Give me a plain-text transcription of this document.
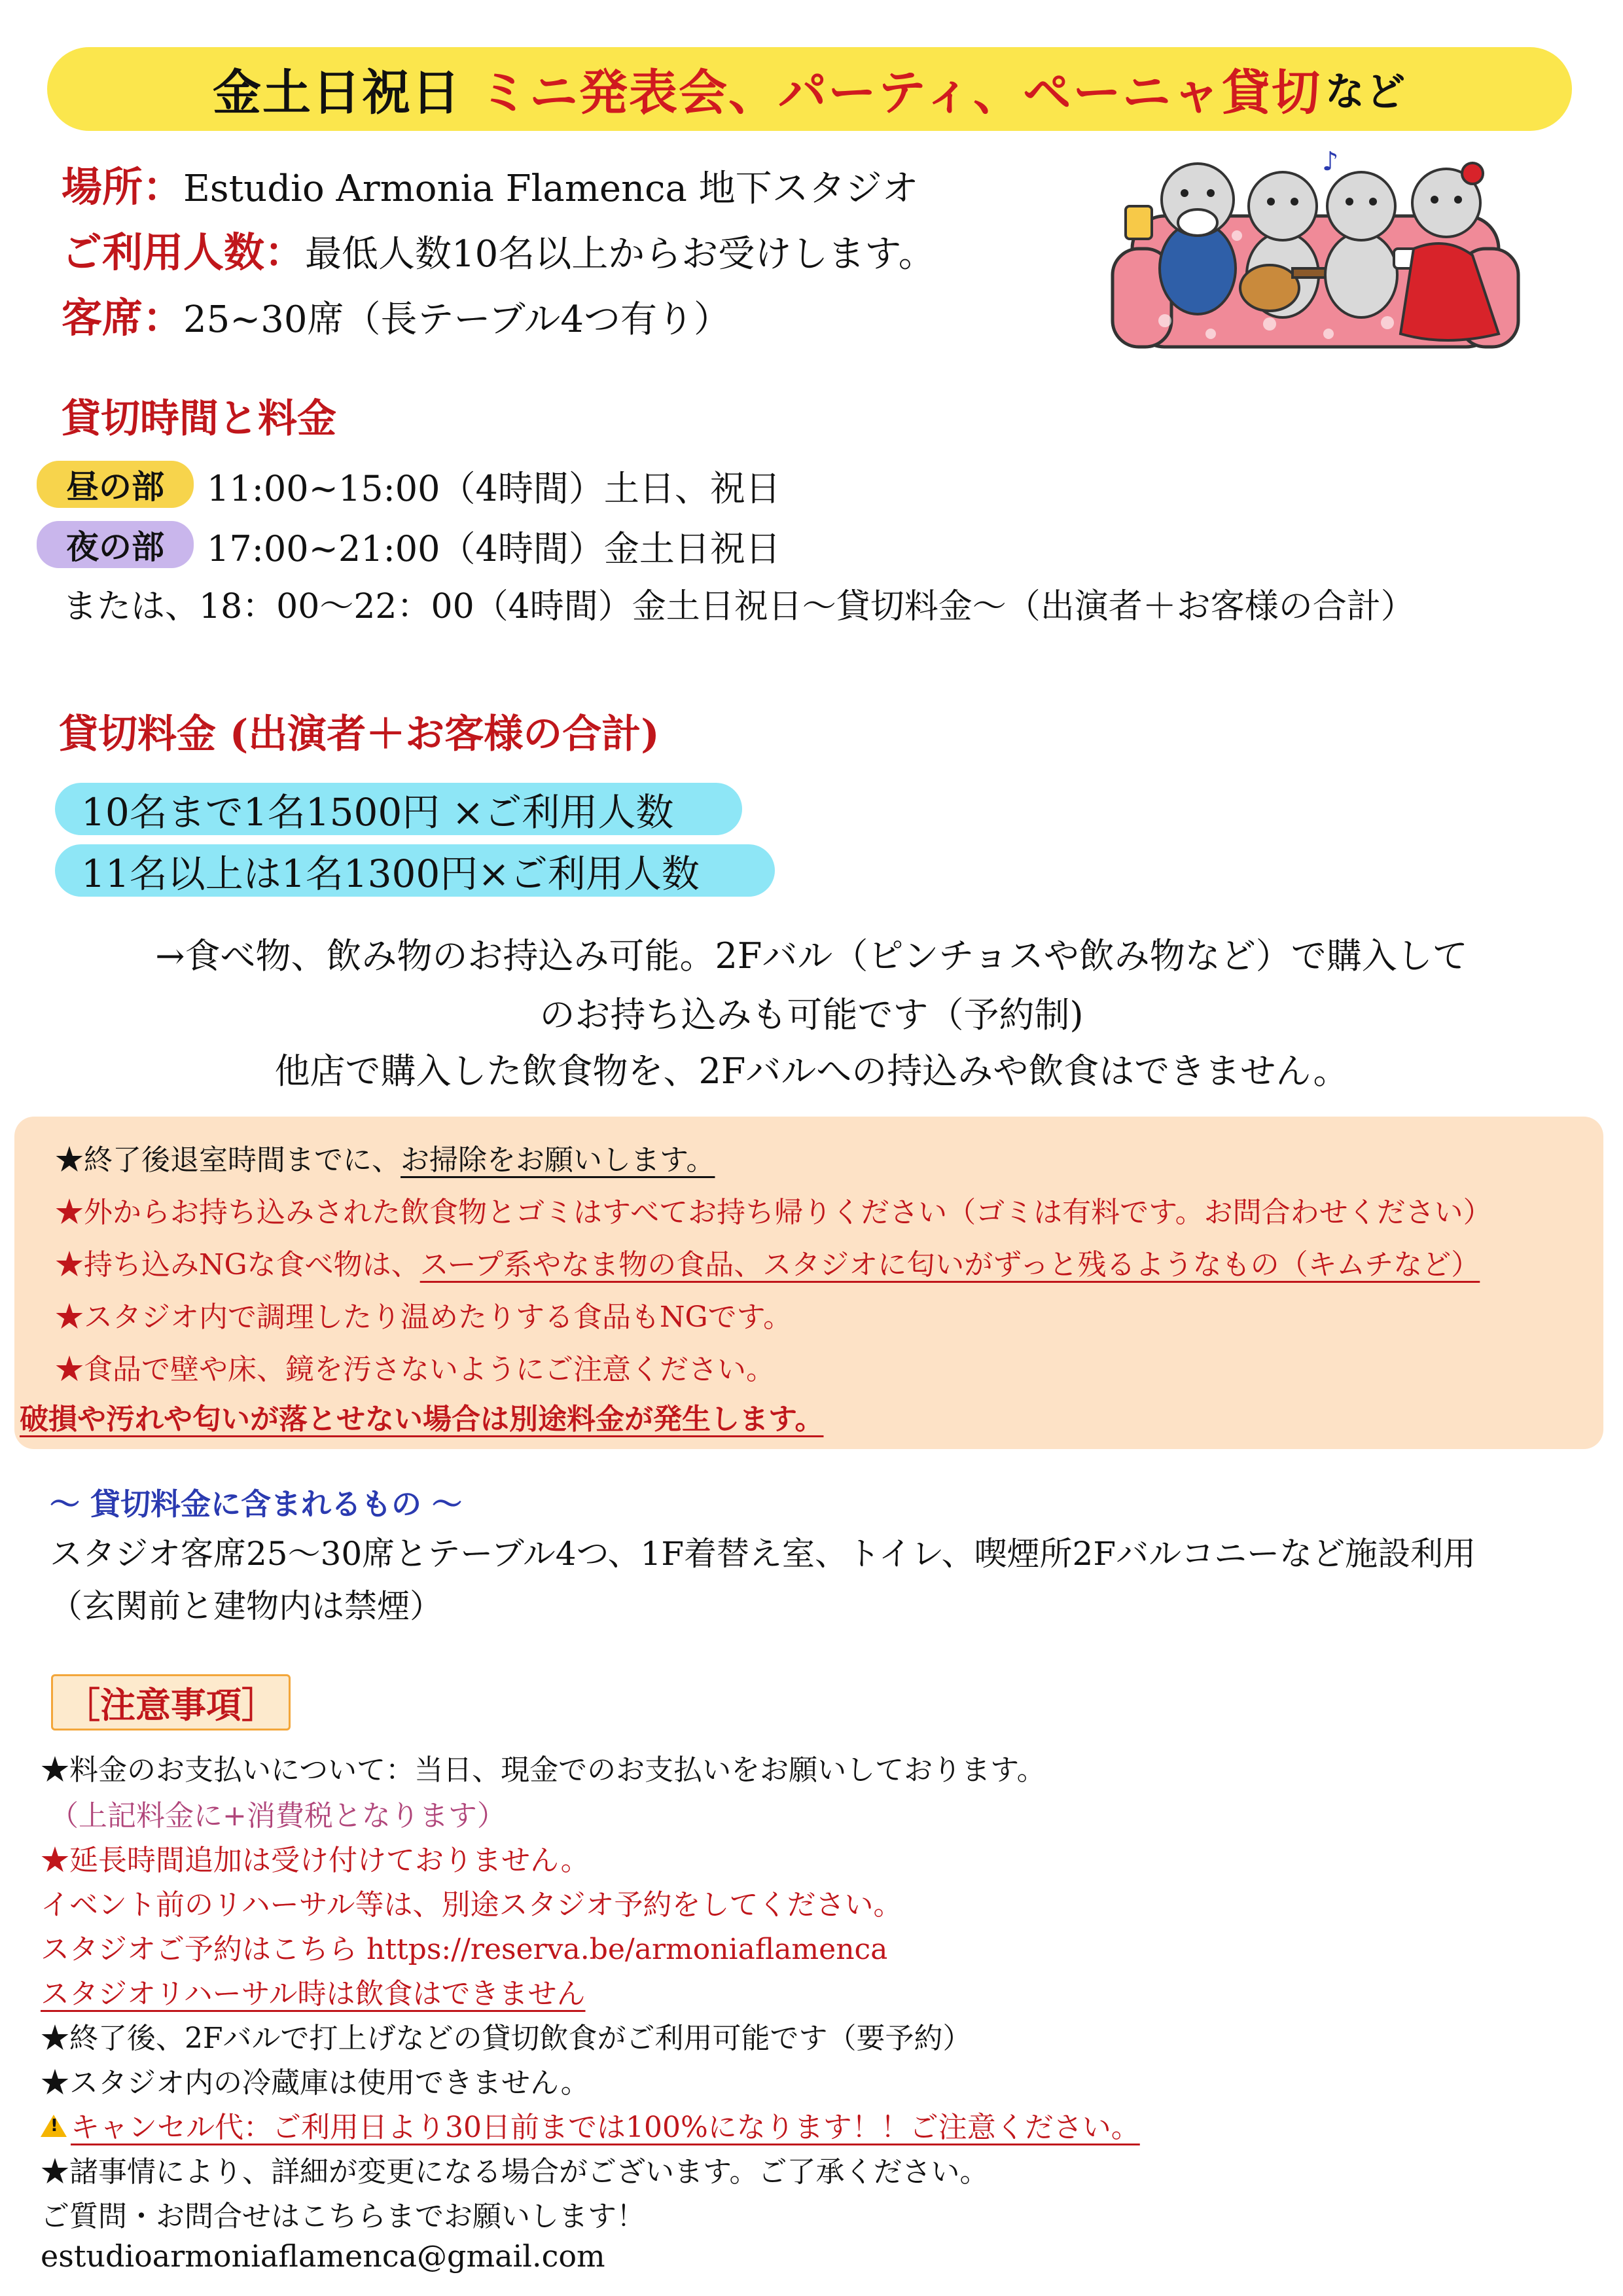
金土日祝日 ミニ発表会、パーティ、ペーニャ貸切 など
場所：Estudio Armonia Flamenca 地下スタジオ
ご利用人数：最低人数10名以上からお受けします。
客席：25~30席（長テーブル4つ有り）
♪
貸切時間と料金
昼の部	11:00~15:00（4時間）土日、祝日
夜の部	17:00~21:00（4時間）金土日祝日
または、18：00〜22：00（4時間）金土日祝日〜貸切料金〜（出演者＋お客様の合計）
貸切料金 (出演者＋お客様の合計)
10名まで1名1500円 ×ご利用人数
11名以上は1名1300円×ご利用人数
→食べ物、飲み物のお持込み可能。2Fバル（ピンチョスや飲み物など）で購入して
のお持ち込みも可能です（予約制)
他店で購入した飲食物を、2Fバルへの持込みや飲食はできません。
★終了後退室時間までに、お掃除をお願いします。
★外からお持ち込みされた飲食物とゴミはすべてお持ち帰りください（ゴミは有料です。お問合わせください）
★持ち込みNGな食べ物は、スープ系やなま物の食品、スタジオに匂いがずっと残るようなもの（キムチなど）
★スタジオ内で調理したり温めたりする食品もNGです。
★食品で壁や床、鏡を汚さないようにご注意ください。
破損や汚れや匂いが落とせない場合は別途料金が発生します。
〜 貸切料金に含まれるもの 〜
スタジオ客席25〜30席とテーブル4つ、1F着替え室、トイレ、喫煙所2Fバルコニーなど施設利用
（玄関前と建物内は禁煙）
［注意事項］
★料金のお支払いについて：当日、現金でのお支払いをお願いしております。
（上記料金に+消費税となります）
★延長時間追加は受け付けておりません。
イベント前のリハーサル等は、別途スタジオ予約をしてください。
スタジオご予約はこちら https://reserva.be/armoniaflamenca
スタジオリハーサル時は飲食はできません
★終了後、2Fバルで打上げなどの貸切飲食がご利用可能です（要予約）
★スタジオ内の冷蔵庫は使用できません。
!キャンセル代：ご利用日より30日前までは100%になります！！ご注意ください。
★諸事情により、詳細が変更になる場合がございます。ご了承ください。
ご質問・お問合せはこちらまでお願いします！
estudioarmoniaflamenca@gmail.com
